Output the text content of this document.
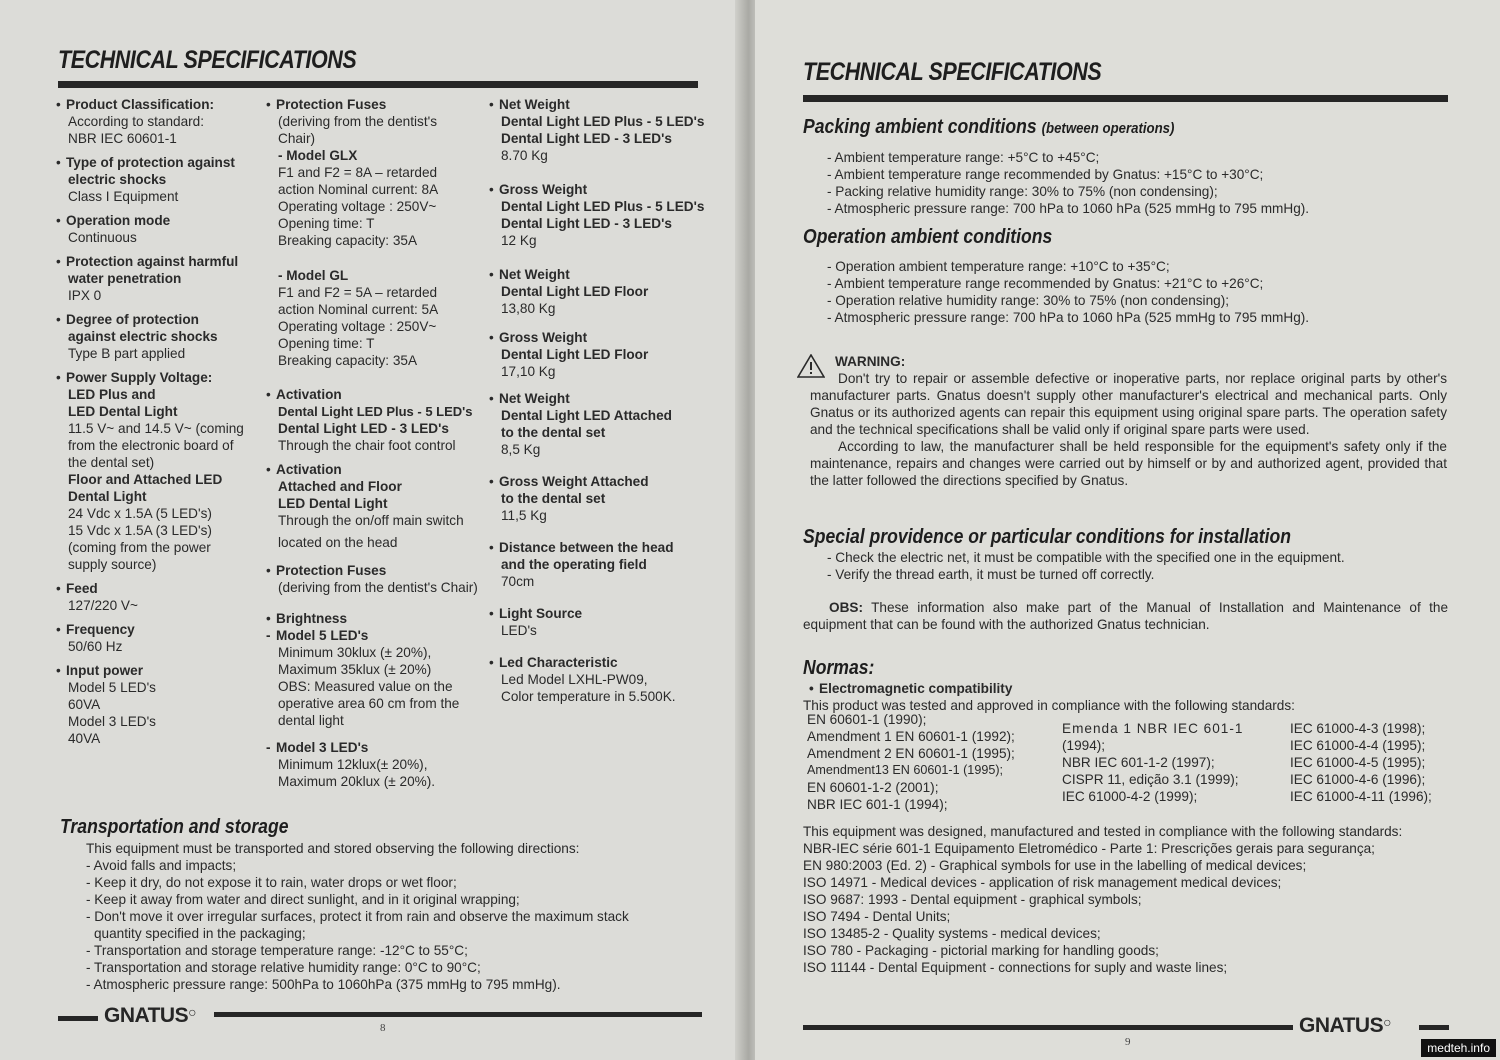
TECHNICAL SPECIFICATIONS
• Product Classification:
According to standard:
NBR IEC 60601-1
• Type of protection against
electric shocks
Class I Equipment
• Operation mode
Continuous
• Protection against harmful
water penetration
IPX 0
• Degree of protection
against electric shocks
Type B part applied
• Power Supply Voltage:
LED Plus and
LED Dental Light
11.5 V~ and 14.5 V~ (coming
from the electronic board of
the dental set)
Floor and Attached LED
Dental Light
24 Vdc x 1.5A (5 LED's)
15 Vdc x 1.5A (3 LED's)
(coming from the power
supply source)
• Feed
127/220 V~
• Frequency
50/60 Hz
• Input power
Model 5 LED's
60VA
Model 3 LED's
40VA
• Protection Fuses
(deriving from the dentist's
Chair)
- Model GLX
F1 and F2 = 8A – retarded
action Nominal current: 8A
Operating voltage : 250V~
Opening time: T
Breaking capacity: 35A
- Model GL
F1 and F2 = 5A – retarded
action Nominal current: 5A
Operating voltage : 250V~
Opening time: T
Breaking capacity: 35A
• Activation
Dental Light LED Plus - 5 LED's
Dental Light LED - 3 LED's
Through the chair foot control
• Activation
Attached and Floor
LED Dental Light
Through the on/off main switch
located on the head
• Protection Fuses
(deriving from the dentist's Chair)
• Brightness
- Model 5 LED's
Minimum 30klux (± 20%),
Maximum 35klux (± 20%)
OBS: Measured value on the
operative area 60 cm from the
dental light
- Model 3 LED's
Minimum 12klux(± 20%),
Maximum 20klux (± 20%).
• Net Weight
Dental Light LED Plus - 5 LED's
Dental Light LED - 3 LED's
8.70 Kg
• Gross Weight
Dental Light LED Plus - 5 LED's
Dental Light LED - 3 LED's
12 Kg
• Net Weight
Dental Light LED Floor
13,80 Kg
• Gross Weight
Dental Light LED Floor
17,10 Kg
• Net Weight
Dental Light LED Attached
to the dental set
8,5 Kg
• Gross Weight Attached
to the dental set
11,5 Kg
• Distance between the head
and the operating field
70cm
• Light Source
LED's
• Led Characteristic
Led Model LXHL-PW09,
Color temperature in 5.500K.
Transportation and storage

This equipment must be transported and stored observing the following directions:

- Avoid falls and impacts;

- Keep it dry, do not expose it to rain, water drops or wet floor;

- Keep it away from water and direct sunlight, and in it original wrapping;

- Don't move it over irregular surfaces, protect it from rain and observe the maximum stack

quantity specified in the packaging;

- Transportation and storage temperature range: -12°C to 55°C;

- Transportation and storage relative humidity range: 0°C to 90°C;

- Atmospheric pressure range: 500hPa to 1060hPa (375 mmHg to 795 mmHg).

GNATUS○
8
TECHNICAL SPECIFICATIONS
Packing ambient conditions (between operations)

- Ambient temperature range: +5°C to +45°C;

- Ambient temperature range recommended by Gnatus: +15°C to +30°C;

- Packing relative humidity range: 30% to 75% (non condensing);

- Atmospheric pressure range: 700 hPa to 1060 hPa (525 mmHg to 795 mmHg).

Operation ambient conditions

- Operation ambient temperature range: +10°C to +35°C;

- Ambient temperature range recommended by Gnatus: +21°C to +26°C;

- Operation relative humidity range: 30% to 75% (non condensing);

- Atmospheric pressure range: 700 hPa to 1060 hPa (525 mmHg to 795 mmHg).

WARNING:

Don't try to repair or assemble defective or inoperative parts, nor replace original parts by other's manufacturer parts. Gnatus doesn't supply other manufacturer's electrical and mechanical parts. Only Gnatus or its authorized agents can repair this equipment using original spare parts. The operation safety and the technical specifications shall be valid only if original spare parts were used.

According to law, the manufacturer shall be held responsible for the equipment's safety only if the maintenance, repairs and changes were carried out by himself or by and authorized agent, provided that the latter followed the directions specified by Gnatus.

Special providence or particular conditions for installation

- Check the electric net, it must be compatible with the specified one in the equipment.

- Verify the thread earth, it must be turned off correctly.

OBS: These information also make part of the Manual of Installation and Maintenance of the equipment that can be found with the authorized Gnatus technician.
Normas:

• Electromagnetic compatibility

This product was tested and approved in compliance with the following standards:

EN 60601-1 (1990);
Amendment 1 EN 60601-1 (1992);
Amendment 2 EN 60601-1 (1995);
Amendment13 EN 60601-1 (1995);
EN 60601-1-2 (2001);
NBR IEC 601-1 (1994);
Emenda 1 NBR IEC 601-1
(1994);
NBR IEC 601-1-2 (1997);
CISPR 11, edição 3.1 (1999);
IEC 61000-4-2 (1999);
IEC 61000-4-3 (1998);
IEC 61000-4-4 (1995);
IEC 61000-4-5 (1995);
IEC 61000-4-6 (1996);
IEC 61000-4-11 (1996);

This equipment was designed, manufactured and tested in compliance with the following standards:

NBR-IEC série 601-1 Equipamento Eletromédico - Parte 1: Prescrições gerais para segurança;

EN 980:2003 (Ed. 2) - Graphical symbols for use in the labelling of medical devices;

ISO 14971 - Medical devices - application of risk management medical devices;

ISO 9687: 1993 - Dental equipment - graphical symbols;

ISO 7494 - Dental Units;

ISO 13485-2 - Quality systems - medical devices;

ISO 780 - Packaging - pictorial marking for handling goods;

ISO 11144 - Dental Equipment - connections for suply and waste lines;

GNATUS○
9	medteh.info
